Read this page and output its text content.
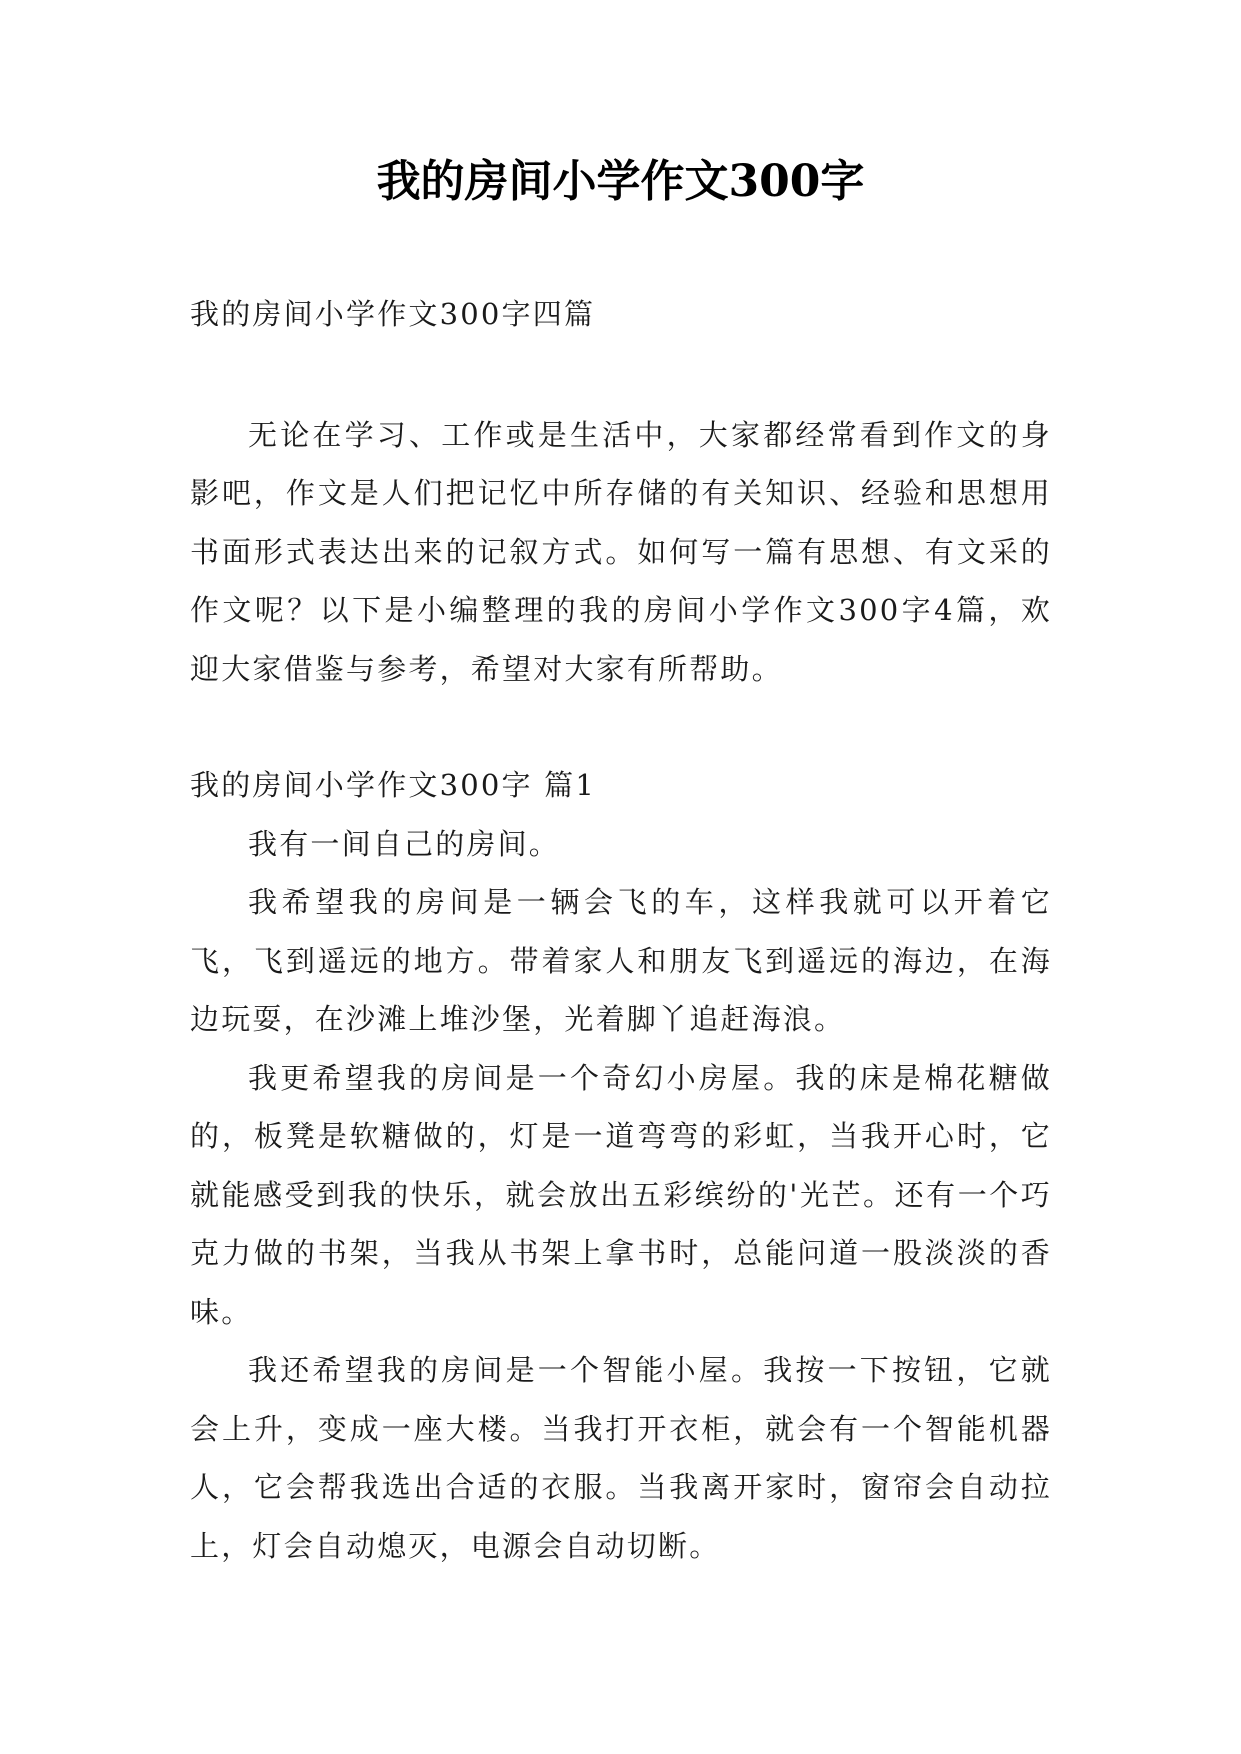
我的房间小学作文300字

我的房间小学作文300字四篇

无论在学习、工作或是生活中，大家都经常看到作文的身影吧，作文是人们把记忆中所存储的有关知识、经验和思想用书面形式表达出来的记叙方式。如何写一篇有思想、有文采的作文呢？以下是小编整理的我的房间小学作文300字4篇，欢迎大家借鉴与参考，希望对大家有所帮助。

我的房间小学作文300字 篇1

我有一间自己的房间。

我希望我的房间是一辆会飞的车，这样我就可以开着它飞，飞到遥远的地方。带着家人和朋友飞到遥远的海边，在海边玩耍，在沙滩上堆沙堡，光着脚丫追赶海浪。

我更希望我的房间是一个奇幻小房屋。我的床是棉花糖做的，板凳是软糖做的，灯是一道弯弯的彩虹，当我开心时，它就能感受到我的快乐，就会放出五彩缤纷的'光芒。还有一个巧克力做的书架，当我从书架上拿书时，总能问道一股淡淡的香味。

我还希望我的房间是一个智能小屋。我按一下按钮，它就会上升，变成一座大楼。当我打开衣柜，就会有一个智能机器人，它会帮我选出合适的衣服。当我离开家时，窗帘会自动拉上，灯会自动熄灭，电源会自动切断。
